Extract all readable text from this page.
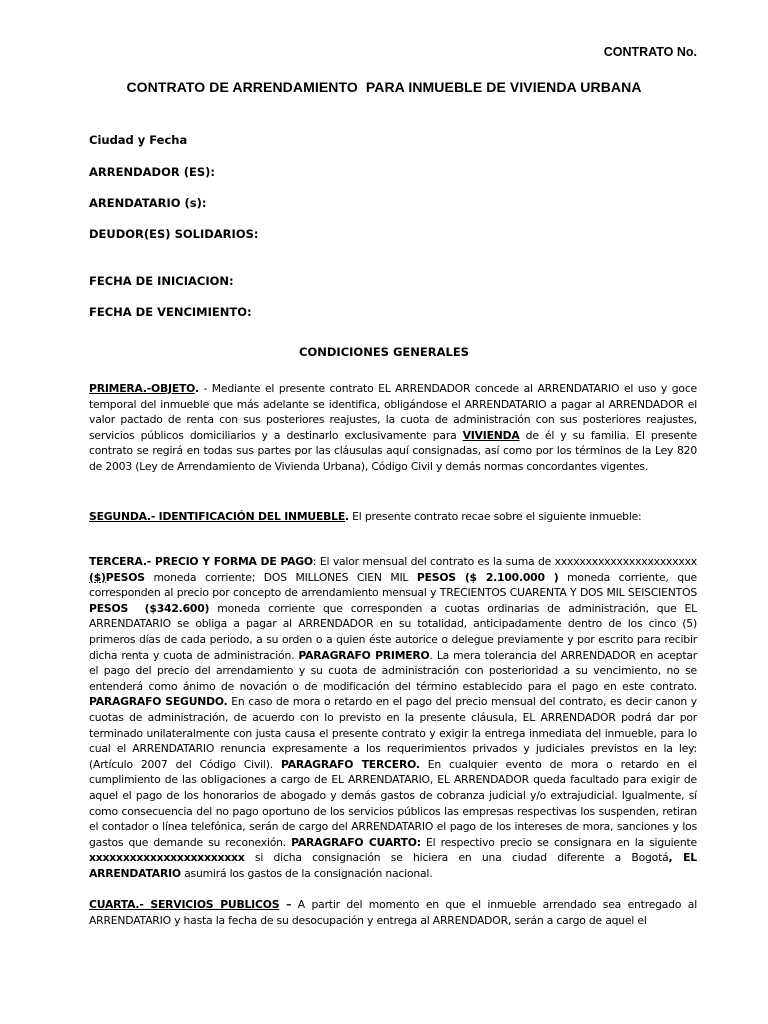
CONTRATO No.
CONTRATO DE ARRENDAMIENTO  PARA INMUEBLE DE VIVIENDA URBANA
Ciudad y Fecha
ARRENDADOR (ES):
ARENDATARIO (s):
DEUDOR(ES) SOLIDARIOS:
FECHA DE INICIACION:
FECHA DE VENCIMIENTO:
CONDICIONES GENERALES
PRIMERA.-OBJETO. - Mediante el presente contrato EL ARRENDADOR concede al ARRENDATARIO el uso y goce temporal del inmueble que más adelante se identifica, obligándose el ARRENDATARIO a pagar al ARRENDADOR el valor pactado de renta con sus posteriores reajustes, la cuota de administración con sus posteriores reajustes, servicios públicos domiciliarios y a destinarlo exclusivamente para VIVIENDA de él y su familia. El presente contrato se regirá en todas sus partes por las cláusulas aquí consignadas, así como por los términos de la Ley 820 de 2003 (Ley de Arrendamiento de Vivienda Urbana), Código Civil y demás normas concordantes vigentes.
SEGUNDA.- IDENTIFICACIÓN DEL INMUEBLE. El presente contrato recae sobre el siguiente inmueble:
TERCERA.- PRECIO Y FORMA DE PAGO: El valor mensual del contrato es la suma de xxxxxxxxxxxxxxxxxxxxxxx ($)PESOS moneda corriente; DOS MILLONES CIEN MIL PESOS ($ 2.100.000 ) moneda corriente, que corresponden al precio por concepto de arrendamiento mensual y TRECIENTOS CUARENTA Y DOS MIL SEISCIENTOS PESOS  ($342.600) moneda corriente que corresponden a cuotas ordinarias de administración, que EL ARRENDATARIO se obliga a pagar al ARRENDADOR en su totalidad, anticipadamente dentro de los cinco (5) primeros días de cada periodo, a su orden o a quien éste autorice o delegue previamente y por escrito para recibir dicha renta y cuota de administración. PARAGRAFO PRIMERO. La mera tolerancia del ARRENDADOR en aceptar el pago del precio del arrendamiento y su cuota de administración con posterioridad a su vencimiento, no se entenderá como ánimo de novación o de modificación del término establecido para el pago en este contrato. PARAGRAFO SEGUNDO. En caso de mora o retardo en el pago del precio mensual del contrato, es decir canon y cuotas de administración, de acuerdo con lo previsto en la presente cláusula, EL ARRENDADOR podrá dar por terminado unilateralmente con justa causa el presente contrato y exigir la entrega inmediata del inmueble, para lo cual el ARRENDATARIO renuncia expresamente a los requerimientos privados y judiciales previstos en la ley:(Artículo 2007 del Código Civil). PARAGRAFO TERCERO. En cualquier evento de mora o retardo en el cumplimiento de las obligaciones a cargo de EL ARRENDATARIO, EL ARRENDADOR queda facultado para exigir de aquel el pago de los honorarios de abogado y demás gastos de cobranza judicial y/o extrajudicial. Igualmente, sí como consecuencia del no pago oportuno de los servicios públicos las empresas respectivas los suspenden, retiran el contador o línea telefónica, serán de cargo del ARRENDATARIO el pago de los intereses de mora, sanciones y los gastos que demande su reconexión. PARAGRAFO CUARTO: El respectivo precio se consignara en la siguiente xxxxxxxxxxxxxxxxxxxxxxx si dicha consignación se hiciera en una ciudad diferente a Bogotá, EL ARRENDATARIO asumirá los gastos de la consignación nacional.
CUARTA.- SERVICIOS PUBLICOS – A partir del momento en que el inmueble arrendado sea entregado al ARRENDATARIO y hasta la fecha de su desocupación y entrega al ARRENDADOR, serán a cargo de aquel el
